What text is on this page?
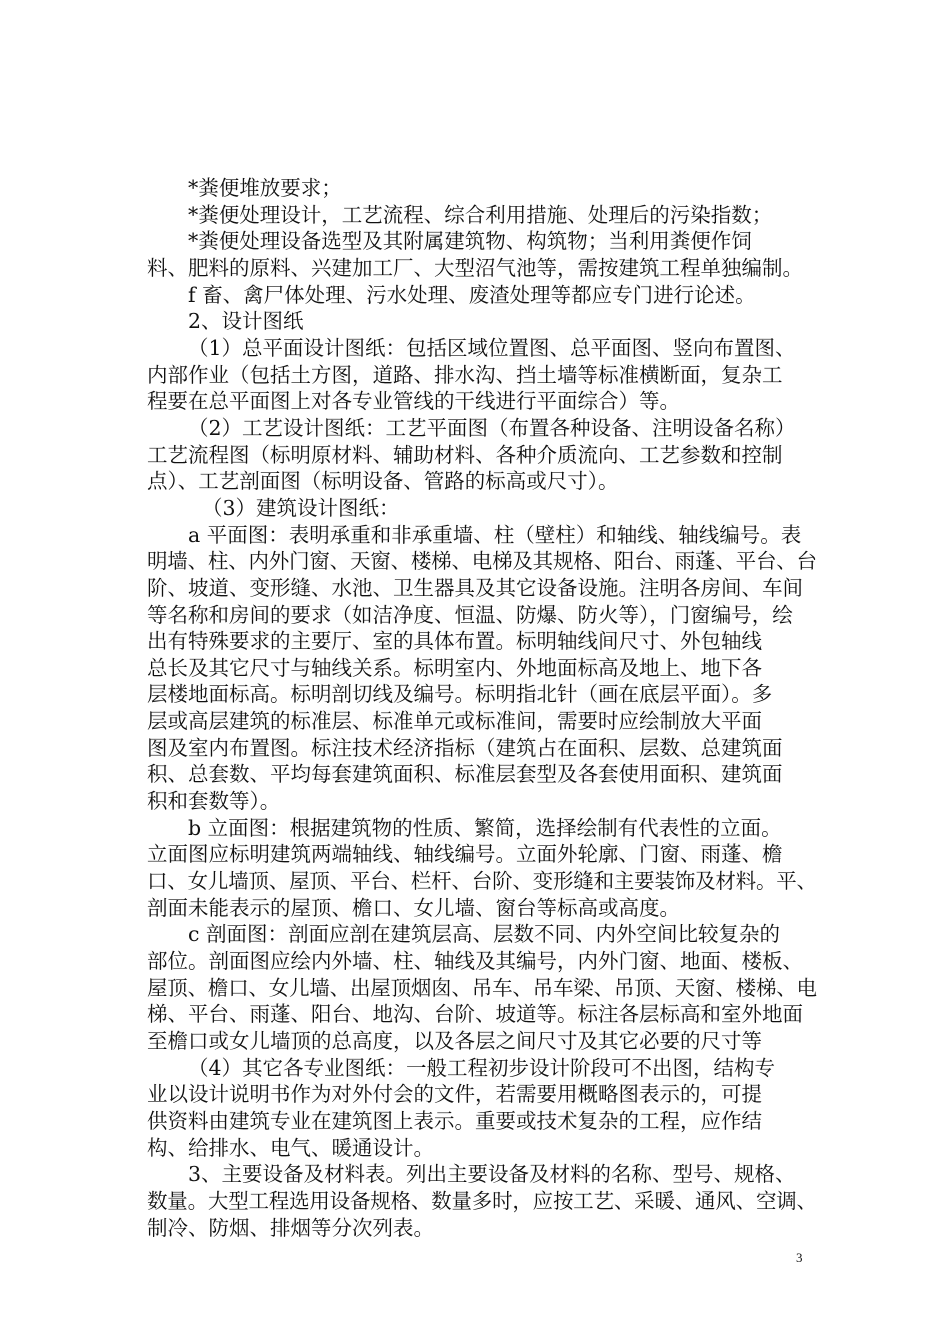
*粪便堆放要求；
*粪便处理设计，工艺流程、综合利用措施、处理后的污染指数；
*粪便处理设备选型及其附属建筑物、构筑物；当利用粪便作饲
料、肥料的原料、兴建加工厂、大型沼气池等，需按建筑工程单独编制。
f 畜、禽尸体处理、污水处理、废渣处理等都应专门进行论述。
2、设计图纸
（1）总平面设计图纸：包括区域位置图、总平面图、竖向布置图、
内部作业（包括土方图，道路、排水沟、挡土墙等标准横断面，复杂工
程要在总平面图上对各专业管线的干线进行平面综合）等。
（2）工艺设计图纸：工艺平面图（布置各种设备、注明设备名称）
工艺流程图（标明原材料、辅助材料、各种介质流向、工艺参数和控制
点）、工艺剖面图（标明设备、管路的标高或尺寸）。
（3）建筑设计图纸：
a 平面图：表明承重和非承重墙、柱（壁柱）和轴线、轴线编号。表
明墙、柱、内外门窗、天窗、楼梯、电梯及其规格、阳台、雨蓬、平台、台
阶、坡道、变形缝、水池、卫生器具及其它设备设施。注明各房间、车间
等名称和房间的要求（如洁净度、恒温、防爆、防火等），门窗编号，绘
出有特殊要求的主要厅、室的具体布置。标明轴线间尺寸、外包轴线
总长及其它尺寸与轴线关系。标明室内、外地面标高及地上、地下各
层楼地面标高。标明剖切线及编号。标明指北针（画在底层平面）。多
层或高层建筑的标准层、标准单元或标准间，需要时应绘制放大平面
图及室内布置图。标注技术经济指标（建筑占在面积、层数、总建筑面
积、总套数、平均每套建筑面积、标准层套型及各套使用面积、建筑面
积和套数等）。
b 立面图：根据建筑物的性质、繁简，选择绘制有代表性的立面。
立面图应标明建筑两端轴线、轴线编号。立面外轮廓、门窗、雨蓬、檐
口、女儿墙顶、屋顶、平台、栏杆、台阶、变形缝和主要装饰及材料。平、
剖面未能表示的屋顶、檐口、女儿墙、窗台等标高或高度。
c 剖面图：剖面应剖在建筑层高、层数不同、内外空间比较复杂的
部位。剖面图应绘内外墙、柱、轴线及其编号，内外门窗、地面、楼板、
屋顶、檐口、女儿墙、出屋顶烟囱、吊车、吊车梁、吊顶、天窗、楼梯、电
梯、平台、雨蓬、阳台、地沟、台阶、坡道等。标注各层标高和室外地面
至檐口或女儿墙顶的总高度，以及各层之间尺寸及其它必要的尺寸等
（4）其它各专业图纸：一般工程初步设计阶段可不出图，结构专
业以设计说明书作为对外付会的文件，若需要用概略图表示的，可提
供资料由建筑专业在建筑图上表示。重要或技术复杂的工程，应作结
构、给排水、电气、暖通设计。
3、主要设备及材料表。列出主要设备及材料的名称、型号、规格、
数量。大型工程选用设备规格、数量多时，应按工艺、采暖、通风、空调、
制冷、防烟、排烟等分次列表。
3
